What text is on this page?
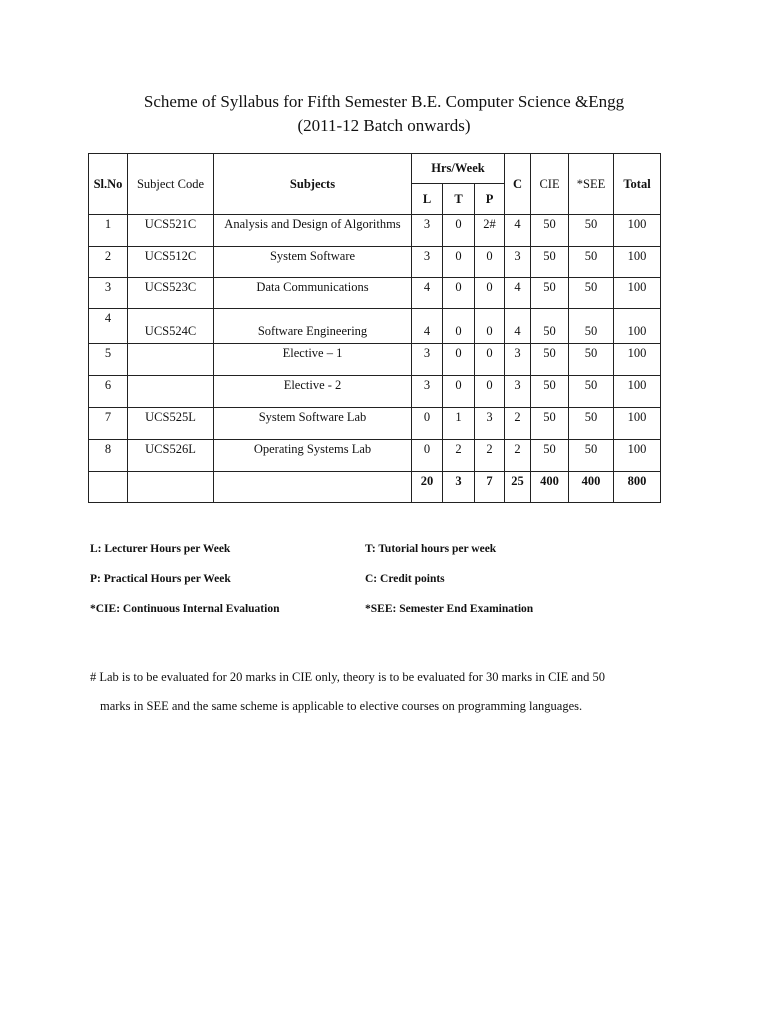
Scheme of Syllabus for Fifth Semester B.E. Computer Science &Engg
(2011-12 Batch onwards)
Sl.No	Subject Code	Subjects	Hrs/Week			C	CIE	*SEE	Total
			L	T	P				
1	UCS521C	Analysis and Design of Algorithms	3	0	2#	4	50	50	100
2	UCS512C	System Software	3	0	0	3	50	50	100
3	UCS523C	Data Communications	4	0	0	4	50	50	100
4	UCS524C	Software Engineering	4	0	0	4	50	50	100
5		Elective – 1	3	0	0	3	50	50	100
6		Elective - 2	3	0	0	3	50	50	100
7	UCS525L	System Software Lab	0	1	3	2	50	50	100
8	UCS526L	Operating Systems Lab	0	2	2	2	50	50	100
			20	3	7	25	400	400	800
L: Lecturer Hours per Week	T: Tutorial hours per week
P: Practical Hours per Week	C: Credit points
*CIE: Continuous Internal Evaluation	*SEE: Semester End Examination
# Lab is to be evaluated for 20 marks in CIE only, theory is to be evaluated for 30 marks in CIE and 50
marks in SEE and the same scheme is applicable to elective courses on programming languages.
